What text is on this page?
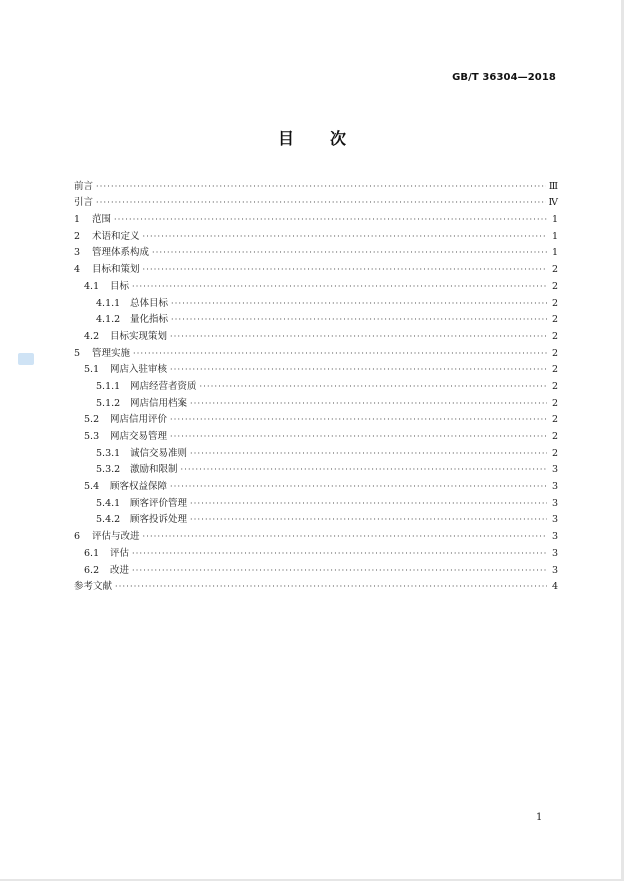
GB/T 36304—2018
目 次
前言 ·····	Ⅲ
引言 ·····	Ⅳ
1	范围 ·····	1
2	术语和定义 ·····	1
3	管理体系构成 ·····	1
4	目标和策划 ·····	2
4.1	目标 ·····	2
4.1.1	总体目标 ·····	2
4.1.2	量化指标 ·····	2
4.2	目标实现策划 ·····	2
5	管理实施 ·····	2
5.1	网店入驻审核 ·····	2
5.1.1	网店经营者资质 ·····	2
5.1.2	网店信用档案 ·····	2
5.2	网店信用评价 ·····	2
5.3	网店交易管理 ·····	2
5.3.1	诚信交易准则 ·····	2
5.3.2	激励和限制 ·····	3
5.4	顾客权益保障 ·····	3
5.4.1	顾客评价管理 ·····	3
5.4.2	顾客投诉处理 ·····	3
6	评估与改进 ·····	3
6.1	评估 ·····	3
6.2	改进 ·····	3
参考文献 ·····	4
1
